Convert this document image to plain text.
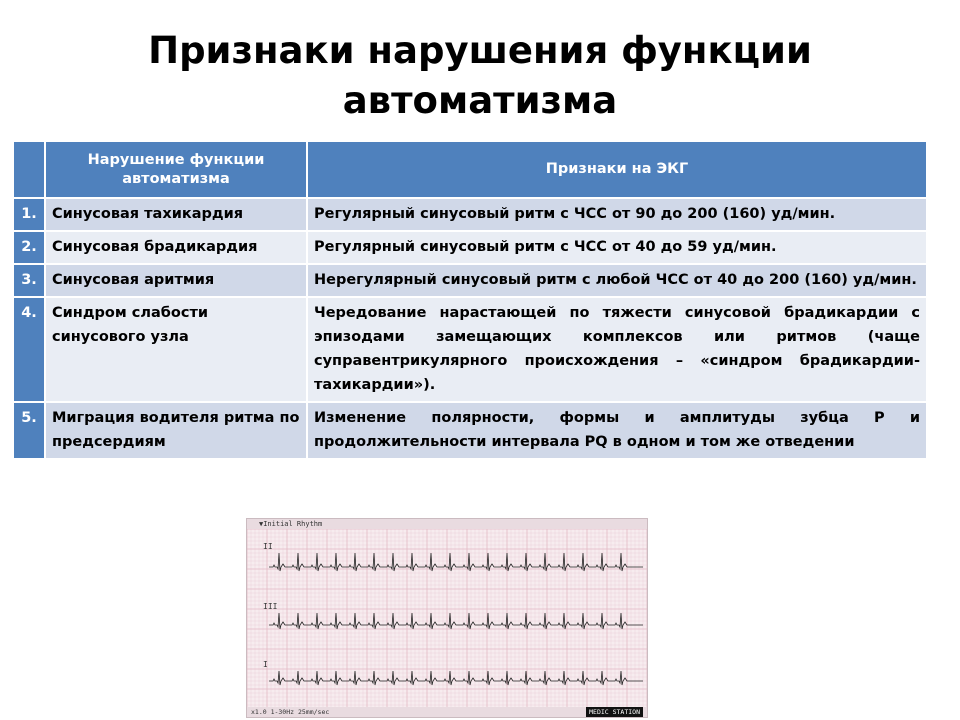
Признаки нарушения функции
автоматизма
	Нарушение функции автоматизма	Признаки на ЭКГ
1.	Синусовая тахикардия	Регулярный синусовый ритм с ЧСС от 90 до 200 (160) уд/мин.
2.	Синусовая брадикардия	Регулярный синусовый ритм с ЧСС от 40 до 59 уд/мин.
3.	Синусовая аритмия	Нерегулярный синусовый ритм с любой ЧСС от 40 до 200 (160) уд/мин.
4.	Синдром слабости синусового узла	Чередование нарастающей по тяжести синусовой брадикардии с эпизодами замещающих комплексов или ритмов (чаще суправентрикулярного происхождения – «синдром брадикардии-тахикардии»).
5.	Миграция водителя ритма по предсердиям	Изменение полярности, формы и амплитуды зубца P и продолжительности интервала PQ в одном и том же отведении
▼Initial Rhythm
II
III
I
x1.0 1-30Hz 25mm/sec	MEDIC STATION
